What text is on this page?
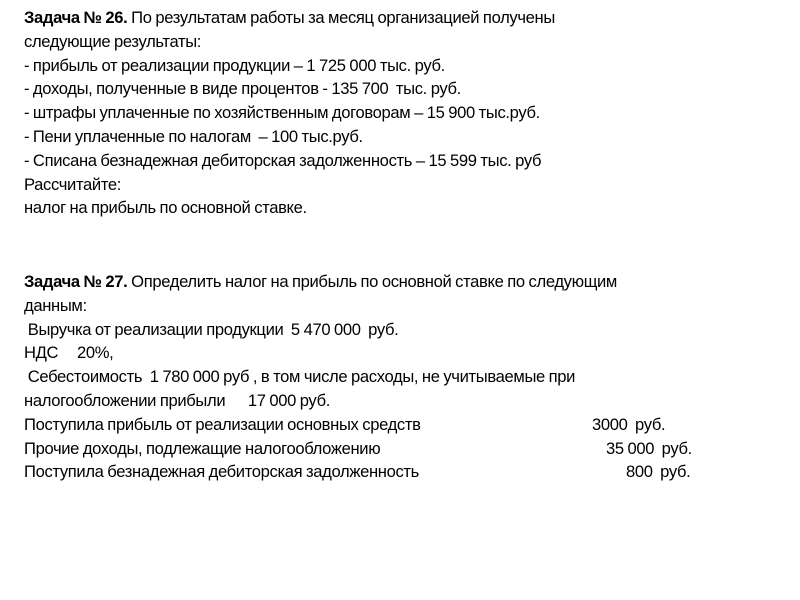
Задача № 26. По результатам работы за месяц организацией получены
следующие результаты:
- прибыль от реализации продукции – 1 725 000 тыс. руб.
- доходы, полученные в виде процентов - 135 700  тыс. руб.
- штрафы уплаченные по хозяйственным договорам – 15 900 тыс.руб.
- Пени уплаченные по налогам  – 100 тыс.руб.
- Списана безнадежная дебиторская задолженность – 15 599 тыс. руб
Рассчитайте:
налог на прибыль по основной ставке.
Задача № 27. Определить налог на прибыль по основной ставке по следующим
данным:
Выручка от реализации продукции  5 470 000  руб.
НДС     20%,
Себестоимость  1 780 000 руб , в том числе расходы, не учитываемые при
налогообложении прибыли      17 000 руб.
Поступила прибыль от реализации основных средств	3000  руб.
Прочие доходы, подлежащие налогообложению	35 000  руб.
Поступила безнадежная дебиторская задолженность	800  руб.
